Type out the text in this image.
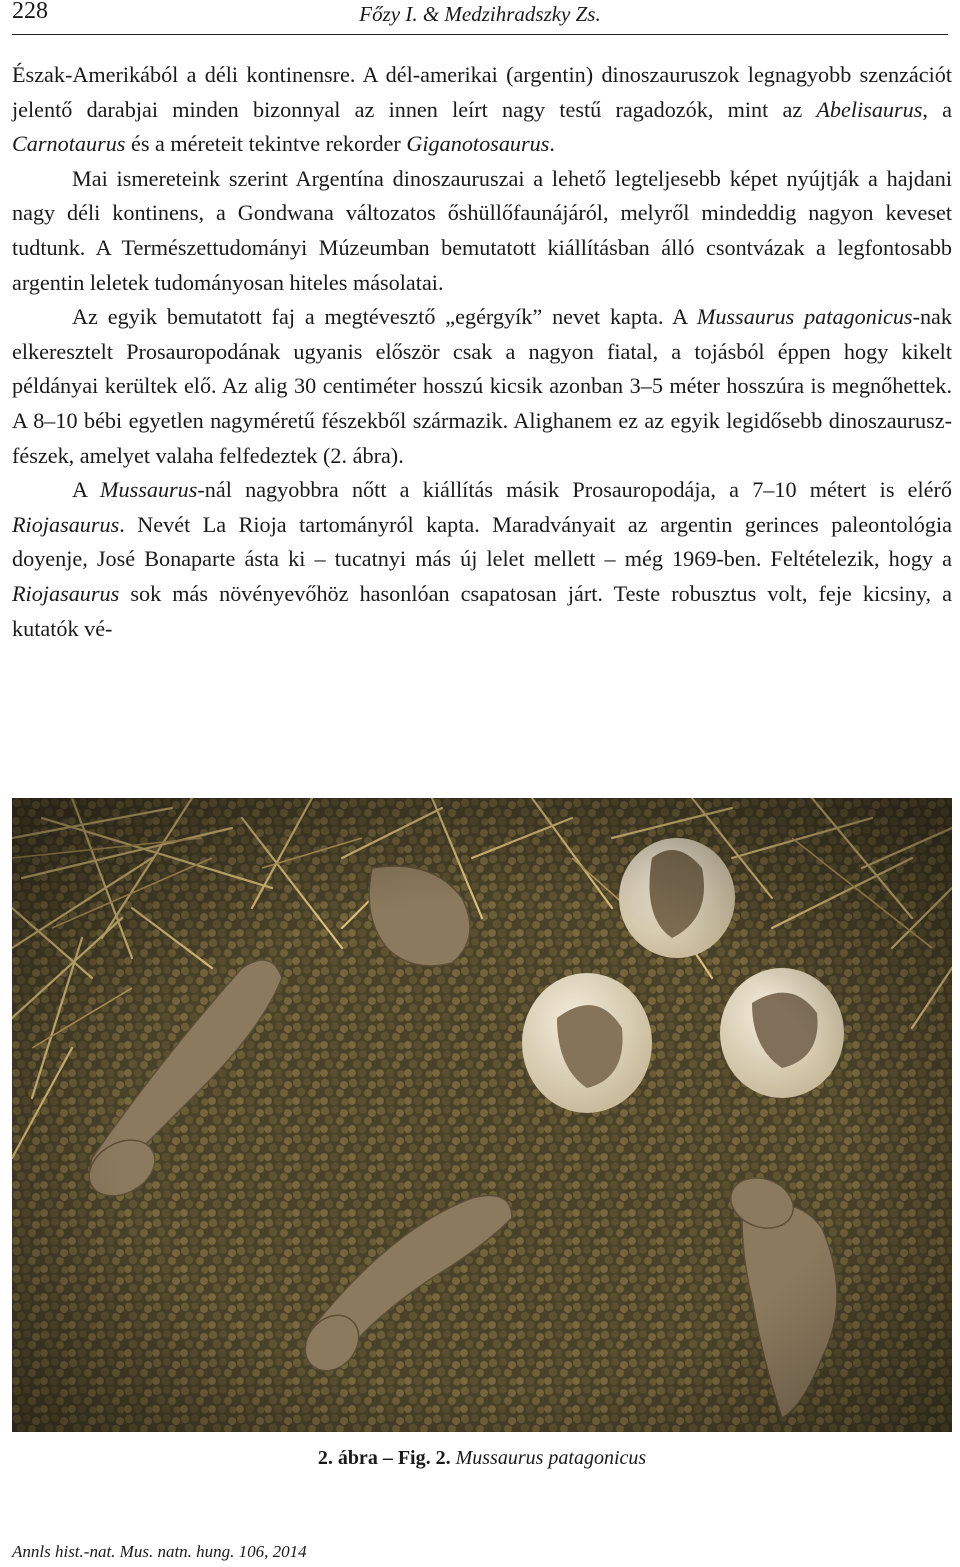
228	Főzy I. & Medzihradszky Zs.

Észak-Amerikából a déli kontinensre. A dél-amerikai (argentin) dinoszauruszok legnagyobb szenzációt jelentő darabjai minden bizonnyal az innen leírt nagy testű ragadozók, mint az Abelisaurus, a Carnotaurus és a méreteit tekintve rekorder Giganotosaurus.

Mai ismereteink szerint Argentína dinoszauruszai a lehető legteljesebb képet nyújtják a hajdani nagy déli kontinens, a Gondwana változatos őshüllőfaunájáról, melyről mindeddig nagyon keveset tudtunk. A Természettudományi Múzeumban bemutatott kiállításban álló csontvázak a legfontosabb argentin leletek tudományosan hiteles másolatai.

Az egyik bemutatott faj a megtévesztő „egérgyík” nevet kapta. A Mussaurus patagonicus-nak elkeresztelt Prosauropodának ugyanis először csak a nagyon fiatal, a tojásból éppen hogy kikelt példányai kerültek elő. Az alig 30 centiméter hosszú kicsik azonban 3–5 méter hosszúra is megnőhettek. A 8–10 bébi egyetlen nagyméretű fészekből származik. Alighanem ez az egyik legidősebb dinoszaurusz-fészek, amelyet valaha felfedeztek (2. ábra).

A Mussaurus-nál nagyobbra nőtt a kiállítás másik Prosauropodája, a 7–10 métert is elérő Riojasaurus. Nevét La Rioja tartományról kapta. Maradványait az argentin gerinces paleontológia doyenje, José Bonaparte ásta ki – tucatnyi más új lelet mellett – még 1969-ben. Feltételezik, hogy a Riojasaurus sok más növényevőhöz hasonlóan csapatosan járt. Teste robusztus volt, feje kicsiny, a kutatók vé-

2. ábra – Fig. 2. Mussaurus patagonicus
Annls hist.-nat. Mus. natn. hung. 106, 2014
